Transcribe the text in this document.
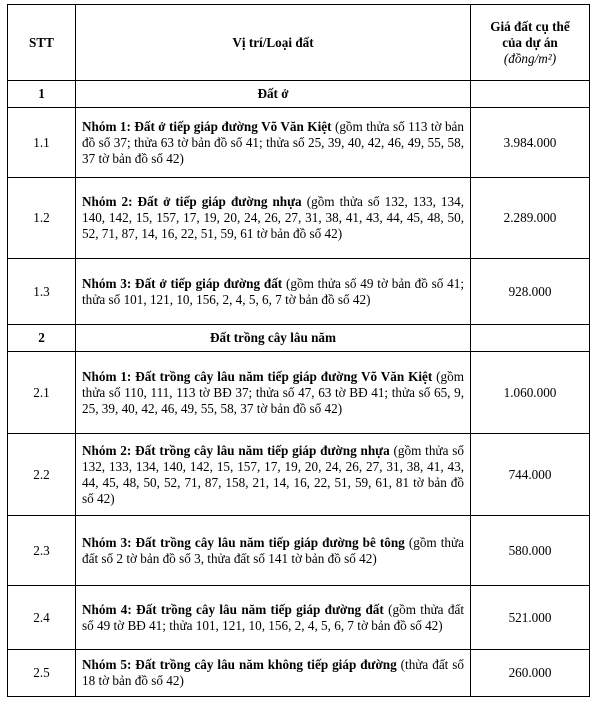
STT	Vị trí/Loại đất	Giá đất cụ thể
của dự án
(đồng/m²)

1	Đất ở	
1.1	Nhóm 1: Đất ở tiếp giáp đường Võ Văn Kiệt (gồm thửa số 113 tờ bản đồ số 37; thửa 63 tờ bản đồ số 41; thửa số 25, 39, 40, 42, 46, 49, 55, 58, 37 tờ bản đồ số 42)	3.984.000
1.2	Nhóm 2: Đất ở tiếp giáp đường nhựa (gồm thửa số 132, 133, 134, 140, 142, 15, 157, 17, 19, 20, 24, 26, 27, 31, 38, 41, 43, 44, 45, 48, 50, 52, 71, 87, 14, 16, 22, 51, 59, 61 tờ bản đồ số 42)	2.289.000
1.3	Nhóm 3: Đất ở tiếp giáp đường đất (gồm thửa số 49 tờ bản đồ số 41; thửa số 101, 121, 10, 156, 2, 4, 5, 6, 7 tờ bản đồ số 42)	928.000
2	Đất trồng cây lâu năm	
2.1	Nhóm 1: Đất trồng cây lâu năm tiếp giáp đường Võ Văn Kiệt (gồm thửa số 110, 111, 113 tờ BĐ 37; thửa số 47, 63 tờ BĐ 41; thửa số 65, 9, 25, 39, 40, 42, 46, 49, 55, 58, 37 tờ bản đồ số 42)	1.060.000
2.2	Nhóm 2: Đất trồng cây lâu năm tiếp giáp đường nhựa (gồm thửa số 132, 133, 134, 140, 142, 15, 157, 17, 19, 20, 24, 26, 27, 31, 38, 41, 43, 44, 45, 48, 50, 52, 71, 87, 158, 21, 14, 16, 22, 51, 59, 61, 81 tờ bản đồ số 42)	744.000
2.3	Nhóm 3: Đất trồng cây lâu năm tiếp giáp đường bê tông (gồm thửa đất số 2 tờ bản đồ số 3, thửa đất số 141 tờ bản đồ số 42)	580.000
2.4	Nhóm 4: Đất trồng cây lâu năm tiếp giáp đường đất (gồm thửa đất số 49 tờ BĐ 41; thửa 101, 121, 10, 156, 2, 4, 5, 6, 7 tờ bản đồ số 42)	521.000
2.5	Nhóm 5: Đất trồng cây lâu năm không tiếp giáp đường (thửa đất số 18 tờ bản đồ số 42)	260.000
